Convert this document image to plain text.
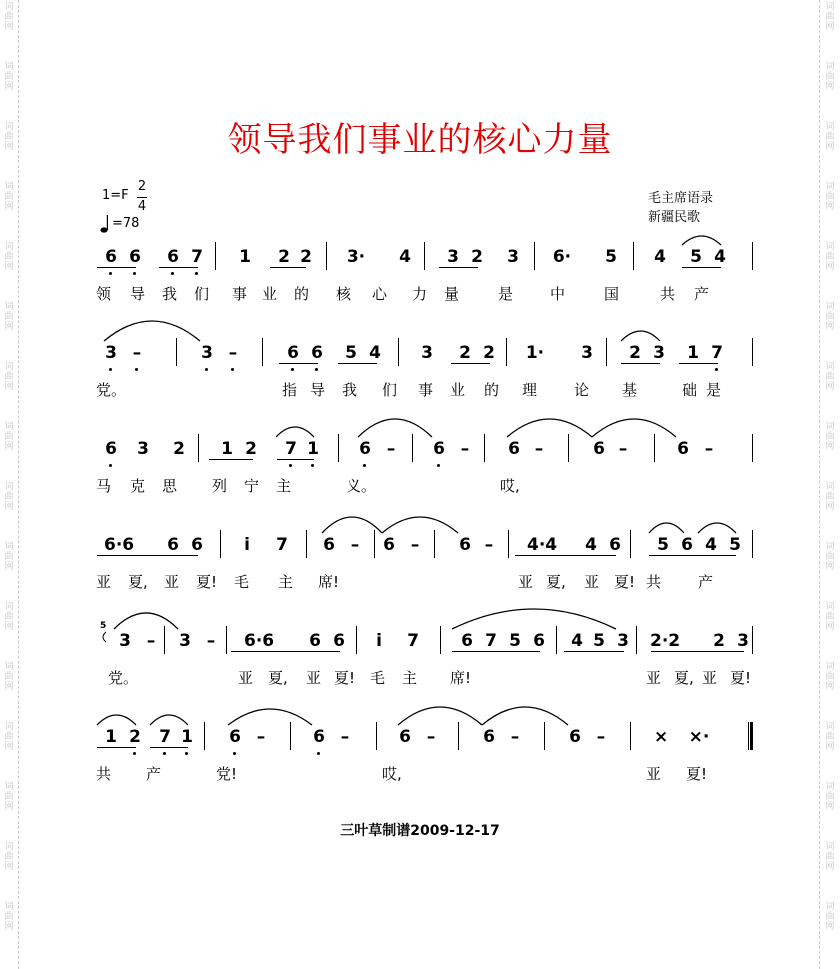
词
曲
网
词
曲
网
词
曲
网
词
曲
网
词
曲
网
词
曲
网
词
曲
网
词
曲
网
词
曲
网
词
曲
网
词
曲
网
词
曲
网
词
曲
网
词
曲
网
词
曲
网
词
曲
网
词
曲
网
词
曲
网
词
曲
网
词
曲
网
词
曲
网
词
曲
网
词
曲
网
词
曲
网
词
曲
网
词
曲
网
词
曲
网
词
曲
网
词
曲
网
词
曲
网
词
曲
网
词
曲
网
领导我们事业的核心力量
1=F
2
4
=78
毛主席语录
新疆民歌
6 6 6 7 1 2 2	3·	4 3 2 3	6·	5 4 5 4
领 导 我 们 事 业 的 核 心 力 量	是 中	国	共 产
3 –	3 –	6 6 5 4 3 2 2	1·	3 2 3 1 7
党。	指 导 我 们 事 业 的 理 论 基	础 是
6 3 2 1 2 7 1 6 – 6 – 6 –	6 –	6 –
马 克 思 列 宁 主	义。	哎,
6·6 6 6 i 7 6 – 6 – 6 – 4·4 4 6 5 6 4 5
亚 夏, 亚 夏! 毛 主 席!	亚 夏, 亚 夏! 共 产
3 – 3 – 6·6 6 6 i 7 6 7 5 6 4 5 3 2·2 2 3
党。	亚 夏, 亚 夏! 毛 主 席!	亚 夏, 亚 夏!
1 2 7 1 6 –	6 –	6 –	6 –	6 –	× ×·
共 产	党!	哎,	亚 夏!
5
三叶草制谱2009-12-17
